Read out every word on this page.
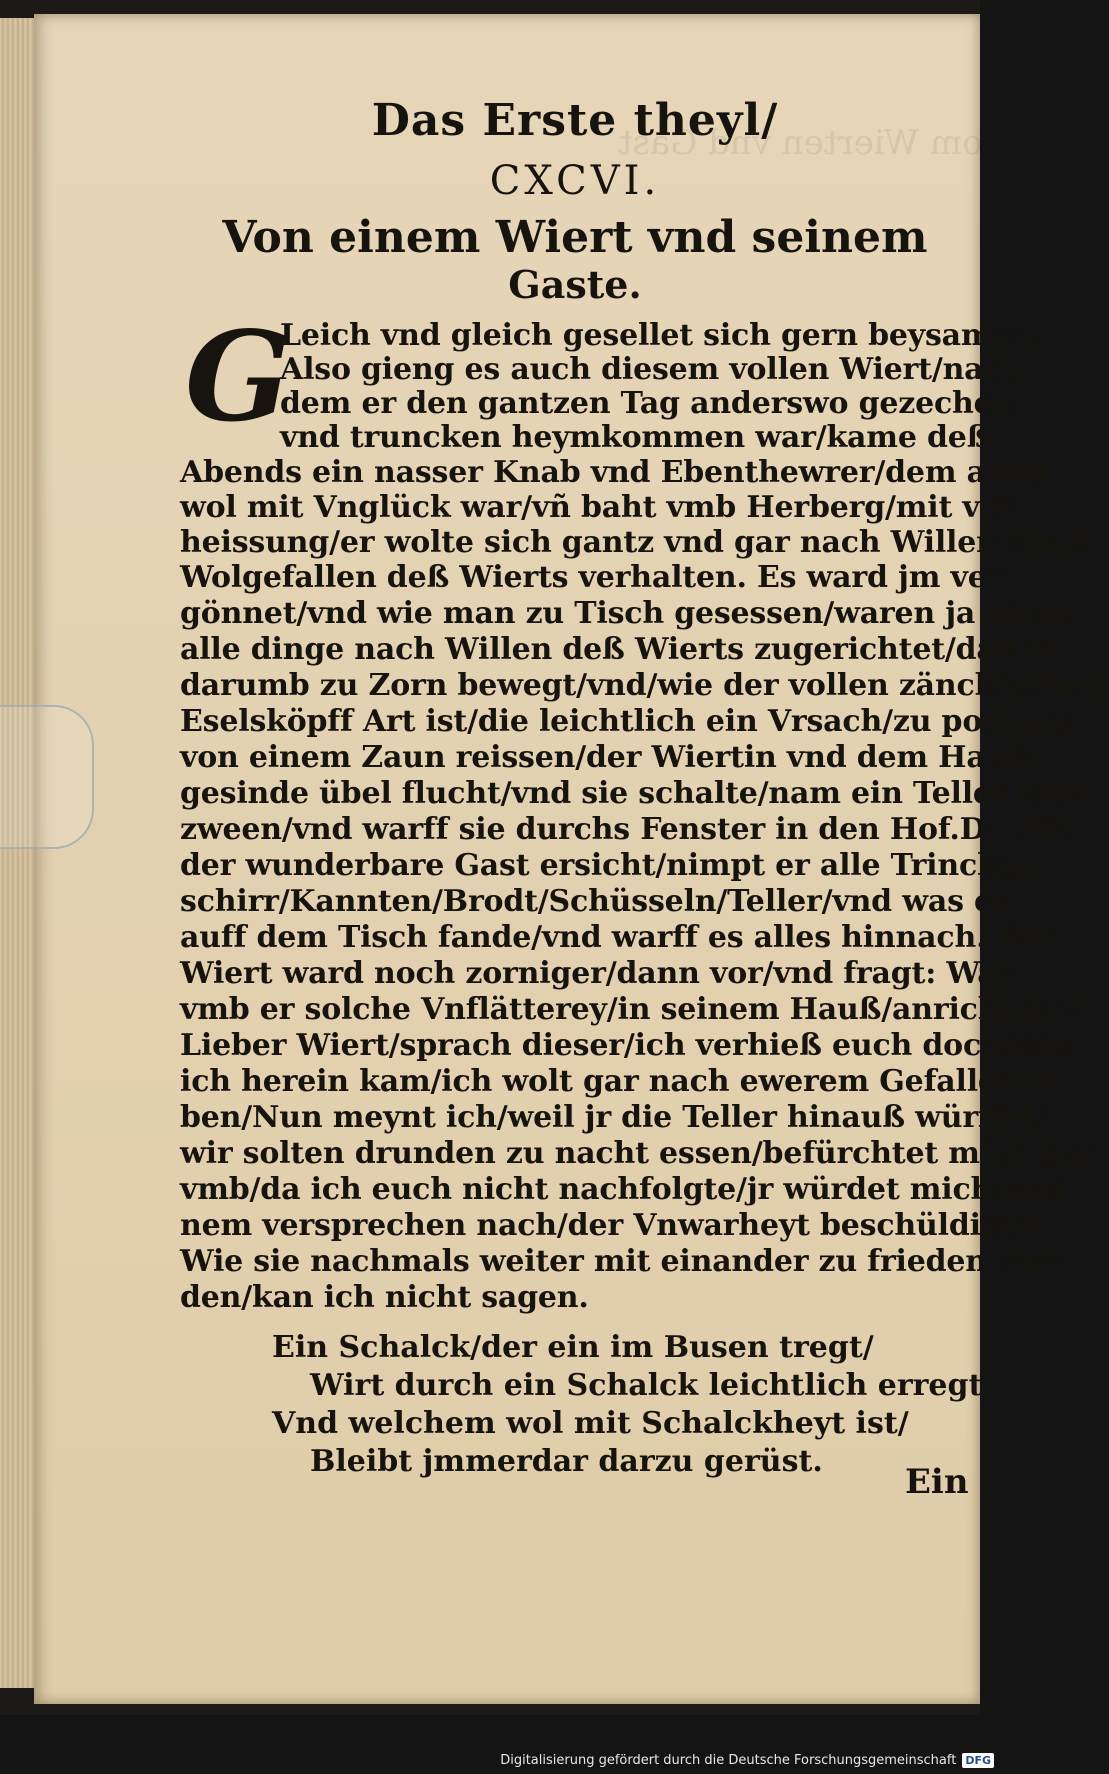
Vom Wierten vnd Gast
Das Erste theyl/
CXCVI.
Von einem Wiert vnd seinem
Gaste.
G
Leich vnd gleich gesellet sich gern beysamen.
Also gieng es auch diesem vollen Wiert/nach
dem er den gantzen Tag anderswo gezechet/
vnd truncken heymkommen war/kame deß
Abends ein nasser Knab vnd Ebenthewrer/dem auch
wol mit Vnglück war/vñ baht vmb Herberg/mit ver-
heissung/er wolte sich gantz vnd gar nach Willen vnnd
Wolgefallen deß Wierts verhalten. Es ward jm ver-
gönnet/vnd wie man zu Tisch gesessen/waren ja nicht
alle dinge nach Willen deß Wierts zugerichtet/daß er
darumb zu Zorn bewegt/vnd/wie der vollen zänckischen
Eselsköpff Art ist/die leichtlich ein Vrsach/zu pochen/
von einem Zaun reissen/der Wiertin vnd dem Hauß-
gesinde übel flucht/vnd sie schalte/nam ein Teller oder
zween/vnd warff sie durchs Fenster in den Hof.Da diß
der wunderbare Gast ersicht/nimpt er alle Trinckge-
schirr/Kannten/Brodt/Schüsseln/Teller/vnd was er
auff dem Tisch fande/vnd warff es alles hinnach. Der
Wiert ward noch zorniger/dann vor/vnd fragt: War-
vmb er solche Vnflätterey/in seinem Hauß/anrichtete?
Lieber Wiert/sprach dieser/ich verhieß euch doch/wie
ich herein kam/ich wolt gar nach ewerem Gefallen le-
ben/Nun meynt ich/weil jr die Teller hinauß würffet/
wir solten drunden zu nacht essen/befürchtet mich dar-
vmb/da ich euch nicht nachfolgte/jr würdet mich/mei-
nem versprechen nach/der Vnwarheyt beschüldigen.
Wie sie nachmals weiter mit einander zu frieden wor-
den/kan ich nicht sagen.
Ein Schalck/der ein im Busen tregt/
Wirt durch ein Schalck leichtlich erregt.
Vnd welchem wol mit Schalckheyt ist/
Bleibt jmmerdar darzu gerüst.
Ein
Digitalisierung gefördert durch die Deutsche Forschungsgemeinschaft DFG
